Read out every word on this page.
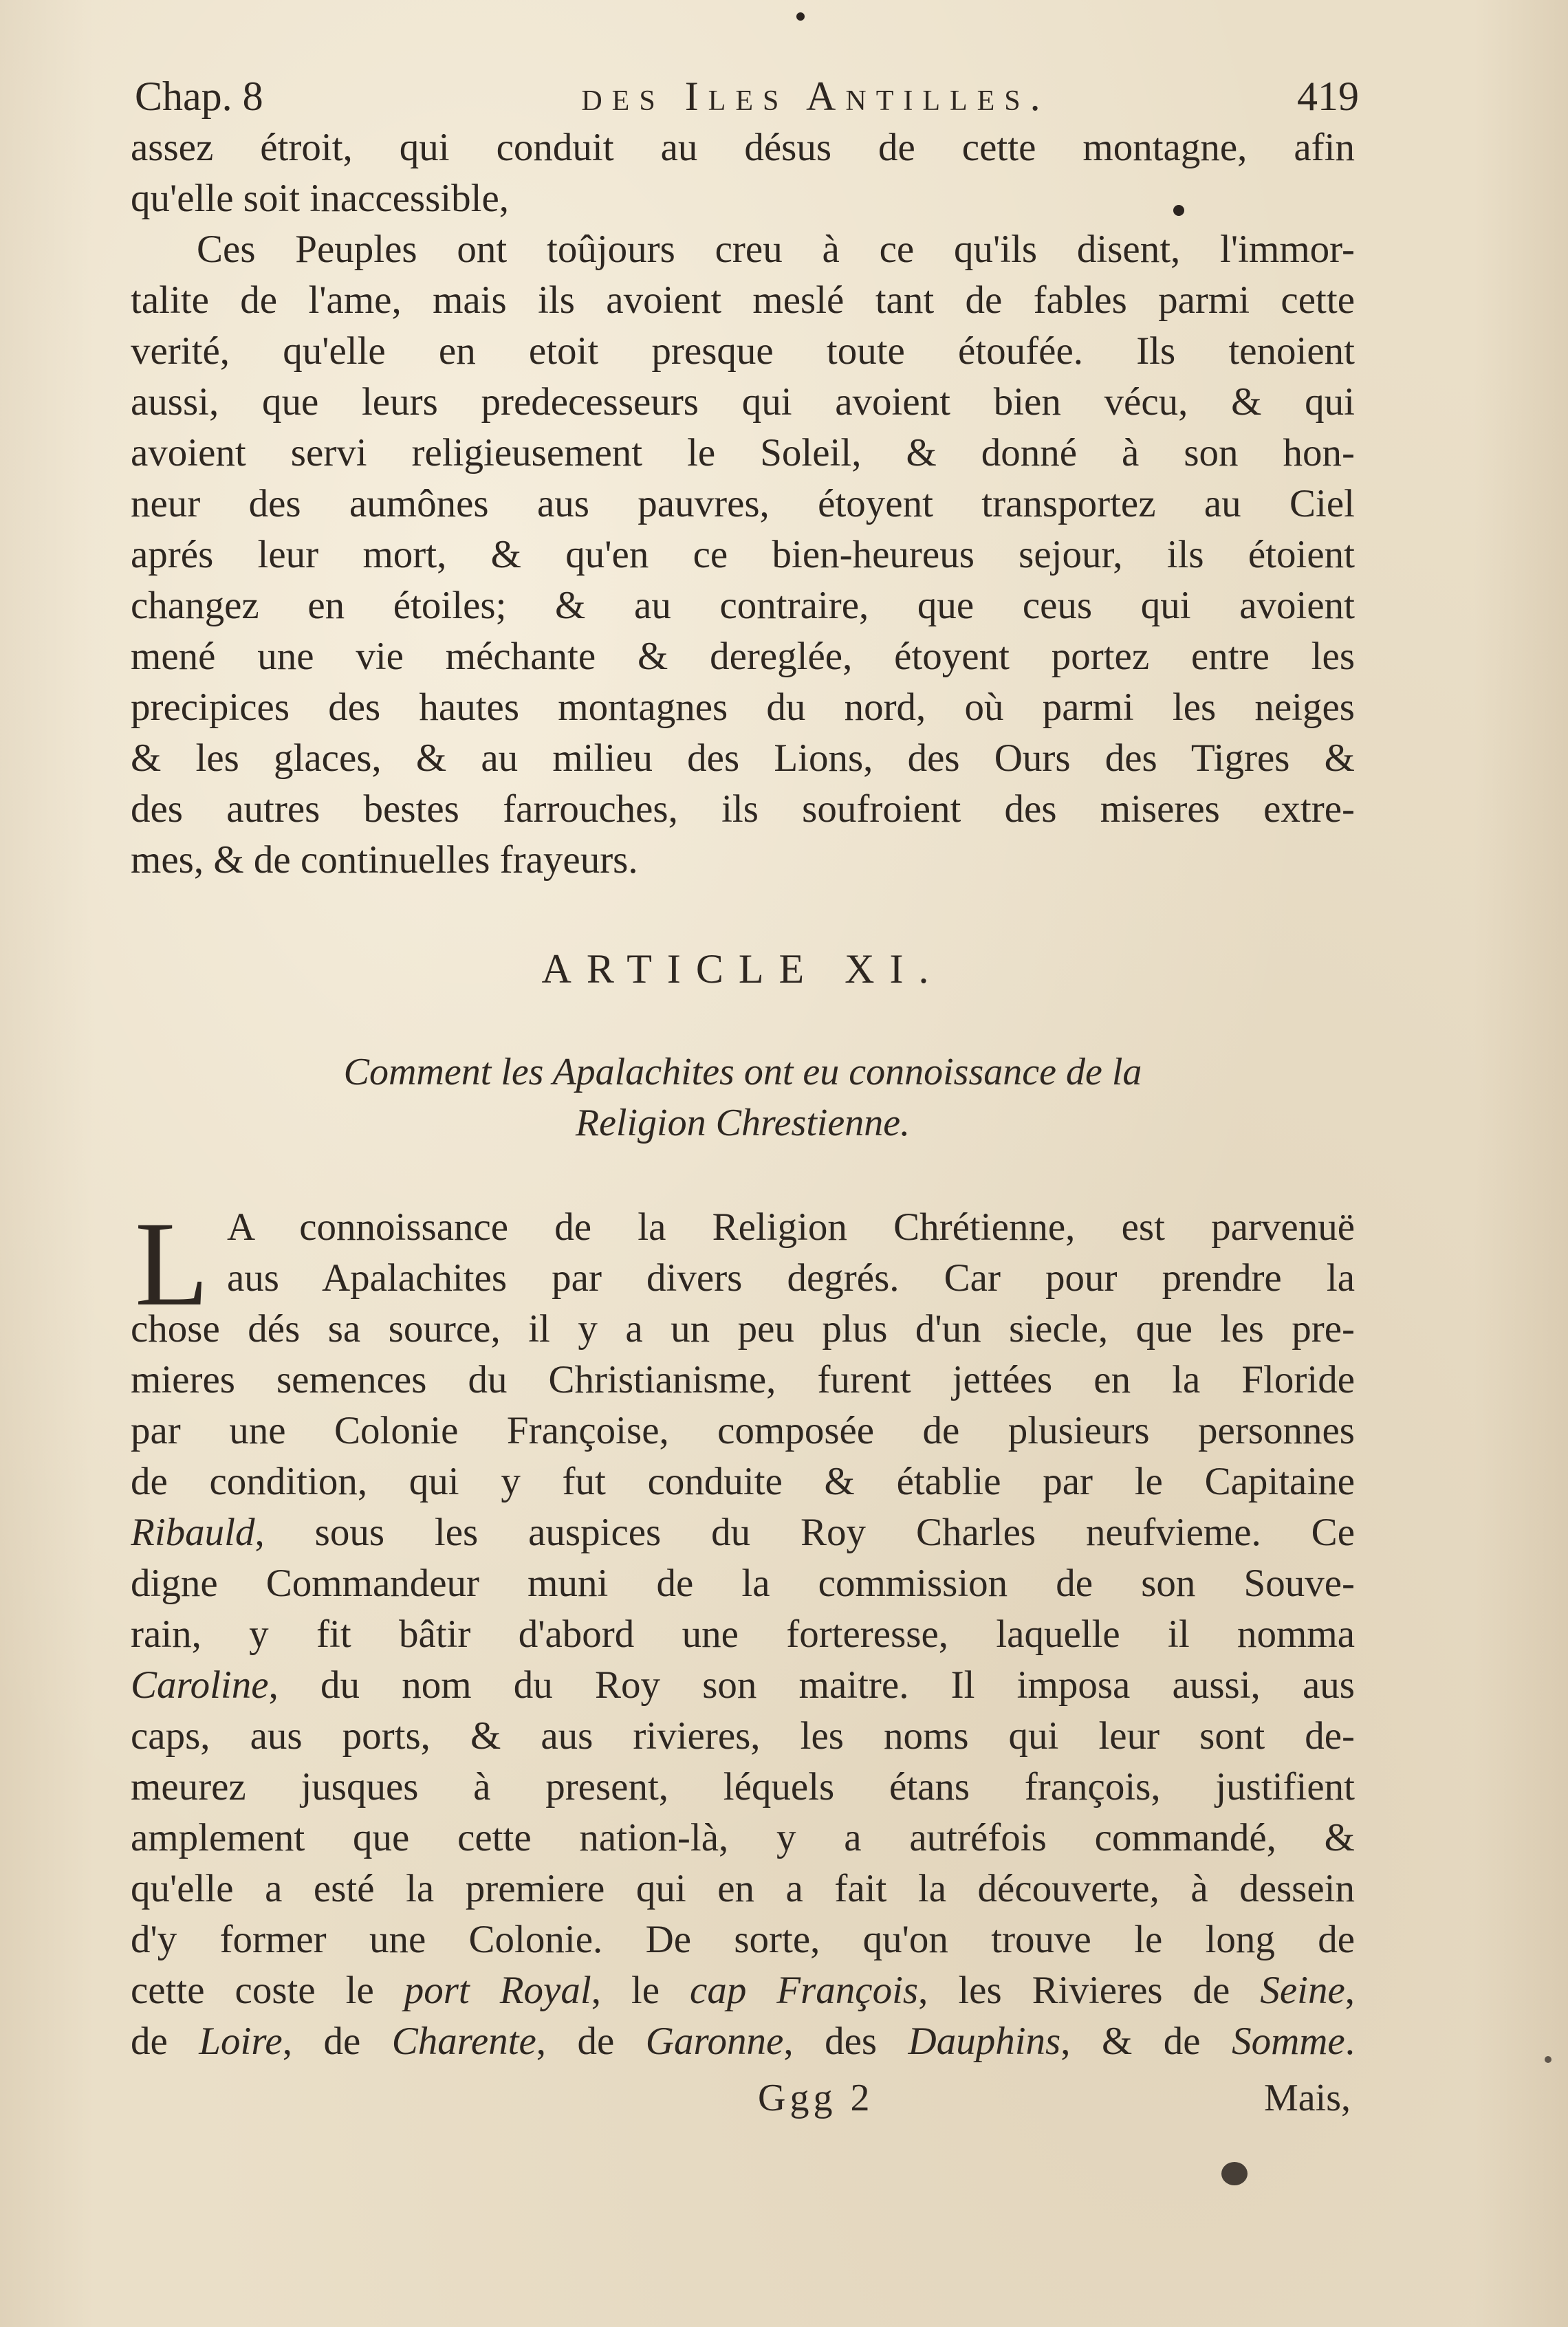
Chap. 8	des Iles Antilles.	419
assez étroit, qui conduit au désus de cette montagne, afin
qu'elle soit inaccessible,
Ces Peuples ont toûjours creu à ce qu'ils disent, l'immor-
talite de l'ame, mais ils avoient meslé tant de fables parmi cette
verité, qu'elle en etoit presque toute étoufée. Ils tenoient
aussi, que leurs predecesseurs qui avoient bien vécu, & qui
avoient servi religieusement le Soleil, & donné à son hon-
neur des aumônes aus pauvres, étoyent transportez au Ciel
aprés leur mort, & qu'en ce bien-heureus sejour, ils étoient
changez en étoiles; & au contraire, que ceus qui avoient
mené une vie méchante & dereglée, étoyent portez entre les
precipices des hautes montagnes du nord, où parmi les neiges
& les glaces, & au milieu des Lions, des Ours des Tigres &
des autres bestes farrouches, ils soufroient des miseres extre-
mes, & de continuelles frayeurs.
ARTICLE XI.
Comment les Apalachites ont eu connoissance de la
Religion Chrestienne.
L A connoissance de la Religion Chrétienne, est parvenuë
aus Apalachites par divers degrés. Car pour prendre la
chose dés sa source, il y a un peu plus d'un siecle, que les pre-
mieres semences du Christianisme, furent jettées en la Floride
par une Colonie Françoise, composée de plusieurs personnes
de condition, qui y fut conduite & établie par le Capitaine
Ribauld, sous les auspices du Roy Charles neufvieme. Ce
digne Commandeur muni de la commission de son Souve-
rain, y fit bâtir d'abord une forteresse, laquelle il nomma
Caroline, du nom du Roy son maitre. Il imposa aussi, aus
caps, aus ports, & aus rivieres, les noms qui leur sont de-
meurez jusques à present, léquels étans françois, justifient
amplement que cette nation-là, y a autréfois commandé, &
qu'elle a esté la premiere qui en a fait la découverte, à dessein
d'y former une Colonie. De sorte, qu'on trouve le long de
cette coste le port Royal, le cap François, les Rivieres de Seine,
de Loire, de Charente, de Garonne, des Dauphins, & de Somme.
Ggg 2	Mais,
